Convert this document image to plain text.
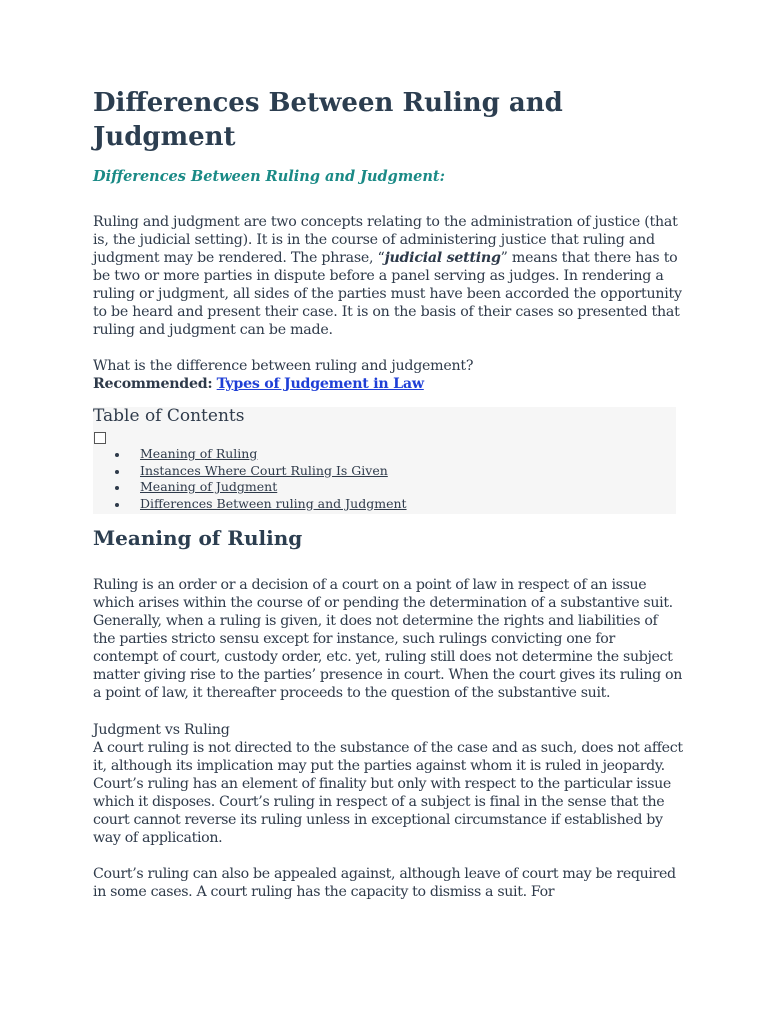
Differences Between Ruling and Judgment

Differences Between Ruling and Judgment:

Ruling and judgment are two concepts relating to the administration of justice (that is, the judicial setting). It is in the course of administering justice that ruling and judgment may be rendered. The phrase, “judicial setting” means that there has to be two or more parties in dispute before a panel serving as judges. In rendering a ruling or judgment, all sides of the parties must have been accorded the opportunity to be heard and present their case. It is on the basis of their cases so presented that ruling and judgment can be made.

What is the difference between ruling and judgement?

Recommended: Types of Judgement in Law

Table of Contents

Meaning of Ruling
Instances Where Court Ruling Is Given
Meaning of Judgment
Differences Between ruling and Judgment
Meaning of Ruling

Ruling is an order or a decision of a court on a point of law in respect of an issue which arises within the course of or pending the determination of a substantive suit. Generally, when a ruling is given, it does not determine the rights and liabilities of the parties stricto sensu except for instance, such rulings convicting one for contempt of court, custody order, etc. yet, ruling still does not determine the subject matter giving rise to the parties’ presence in court. When the court gives its ruling on a point of law, it thereafter proceeds to the question of the substantive suit.

Judgment vs Ruling

A court ruling is not directed to the substance of the case and as such, does not affect it, although its implication may put the parties against whom it is ruled in jeopardy. Court’s ruling has an element of finality but only with respect to the particular issue which it disposes. Court’s ruling in respect of a subject is final in the sense that the court cannot reverse its ruling unless in exceptional circumstance if established by way of application.

Court’s ruling can also be appealed against, although leave of court may be required in some cases. A court ruling has the capacity to dismiss a suit. For
